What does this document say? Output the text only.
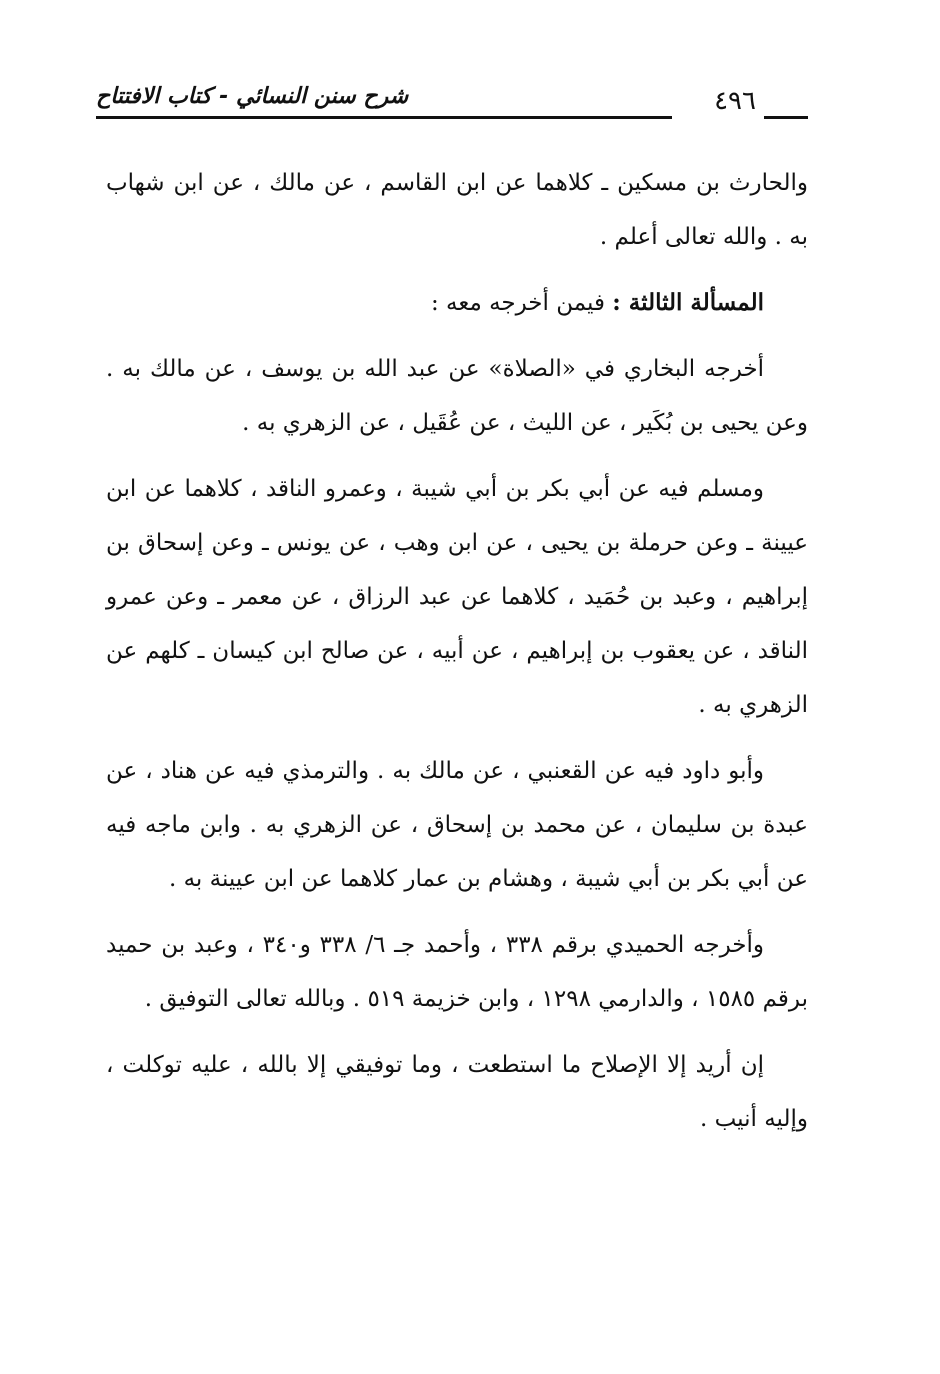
شرح سنن النسائي - كتاب الافتتاح	٤٩٦

والحارث بن مسكين ـ كلاهما عن ابن القاسم ، عن مالك ، عن ابن شهاب به . والله تعالى أعلم .

المسألة الثالثة : فيمن أخرجه معه :

أخرجه البخاري في «الصلاة» عن عبد الله بن يوسف ، عن مالك به . وعن يحيى بن بُكَير ، عن الليث ، عن عُقَيل ، عن الزهري به .

ومسلم فيه عن أبي بكر بن أبي شيبة ، وعمرو الناقد ، كلاهما عن ابن عيينة ـ وعن حرملة بن يحيى ، عن ابن وهب ، عن يونس ـ وعن إسحاق بن إبراهيم ، وعبد بن حُمَيد ، كلاهما عن عبد الرزاق ، عن معمر ـ وعن عمرو الناقد ، عن يعقوب بن إبراهيم ، عن أبيه ، عن صالح ابن كيسان ـ كلهم عن الزهري به .

وأبو داود فيه عن القعنبي ، عن مالك به . والترمذي فيه عن هناد ، عن عبدة بن سليمان ، عن محمد بن إسحاق ، عن الزهري به . وابن ماجه فيه عن أبي بكر بن أبي شيبة ، وهشام بن عمار كلاهما عن ابن عيينة به .

وأخرجه الحميدي برقم ٣٣٨ ، وأحمد جـ ٦/ ٣٣٨ و٣٤٠ ، وعبد بن حميد برقم ١٥٨٥ ، والدارمي ١٢٩٨ ، وابن خزيمة ٥١٩ . وبالله تعالى التوفيق .

إن أريد إلا الإصلاح ما استطعت ، وما توفيقي إلا بالله ، عليه توكلت ، وإليه أنيب .
